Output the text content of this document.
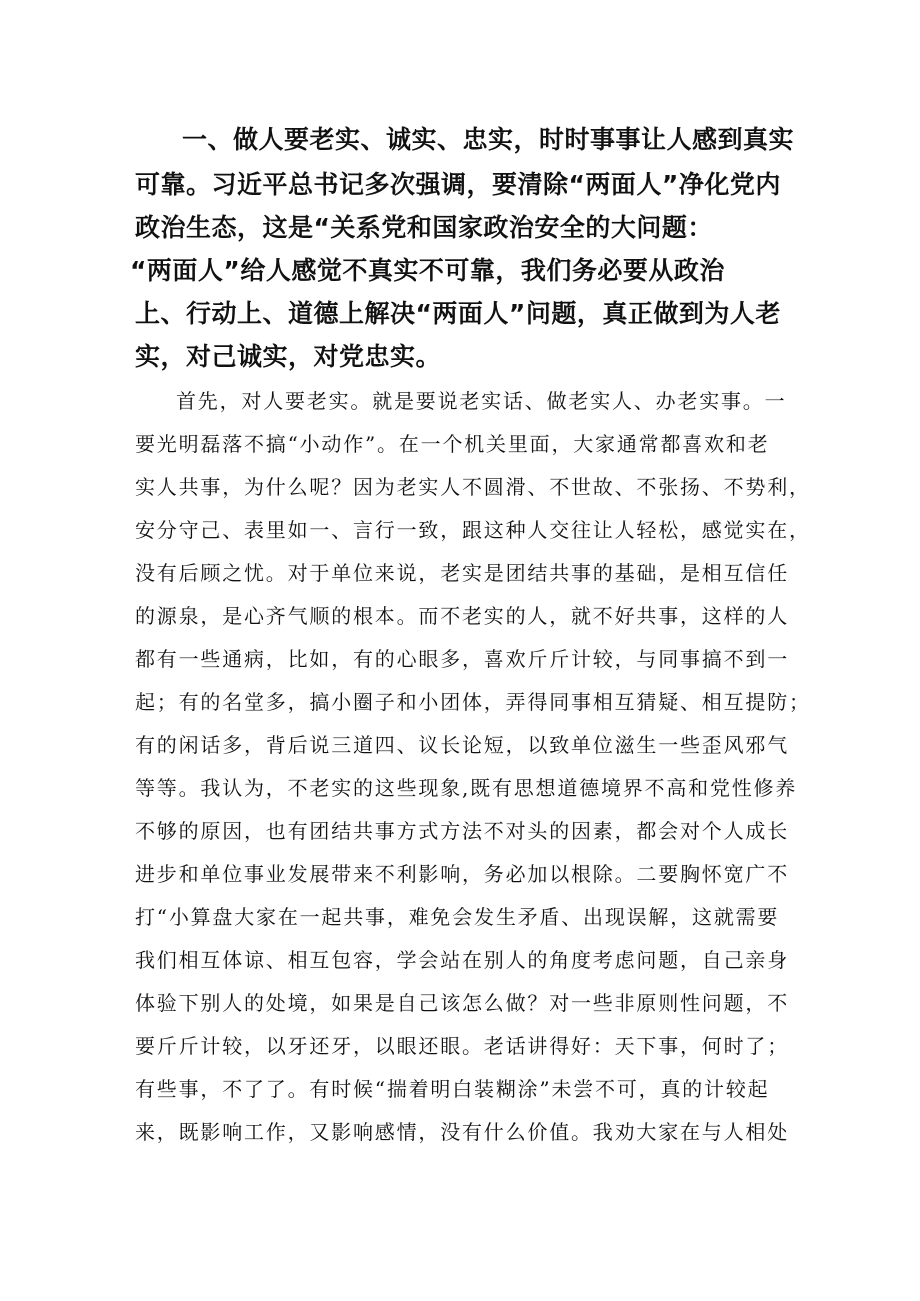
一、做人要老实、诚实、忠实，时时事事让人感到真实
可靠。习近平总书记多次强调，要清除“两面人”净化党内
政治生态，这是“关系党和国家政治安全的大问题：
“两面人”给人感觉不真实不可靠，我们务必要从政治
上、行动上、道德上解决“两面人”问题，真正做到为人老
实，对己诚实，对党忠实。
首先，对人要老实。就是要说老实话、做老实人、办老实事。一
要光明磊落不搞“小动作”。在一个机关里面，大家通常都喜欢和老
实人共事，为什么呢？因为老实人不圆滑、不世故、不张扬、不势利，
安分守己、表里如一、言行一致，跟这种人交往让人轻松，感觉实在，
没有后顾之忧。对于单位来说，老实是团结共事的基础，是相互信任
的源泉，是心齐气顺的根本。而不老实的人，就不好共事，这样的人
都有一些通病，比如，有的心眼多，喜欢斤斤计较，与同事搞不到一
起；有的名堂多，搞小圈子和小团体，弄得同事相互猜疑、相互提防；
有的闲话多，背后说三道四、议长论短，以致单位滋生一些歪风邪气
等等。我认为，不老实的这些现象,既有思想道德境界不高和党性修养
不够的原因，也有团结共事方式方法不对头的因素，都会对个人成长
进步和单位事业发展带来不利影响，务必加以根除。二要胸怀宽广不
打“小算盘大家在一起共事，难免会发生矛盾、出现误解，这就需要
我们相互体谅、相互包容，学会站在别人的角度考虑问题，自己亲身
体验下别人的处境，如果是自己该怎么做？对一些非原则性问题，不
要斤斤计较，以牙还牙，以眼还眼。老话讲得好：天下事，何时了；
有些事，不了了。有时候“揣着明白装糊涂”未尝不可，真的计较起
来，既影响工作，又影响感情，没有什么价值。我劝大家在与人相处
